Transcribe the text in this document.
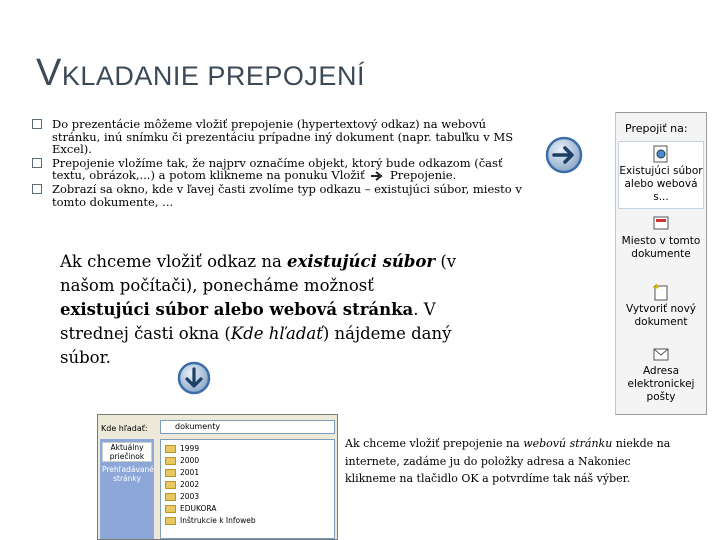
VKLADANIE PREPOJENÍ
Do prezentácie môžeme vložiť prepojenie (hypertextový odkaz) na webovú stránku, inú snímku či prezentáciu prípadne iný dokument (napr. tabuľku v MS Excel).
Prepojenie vložíme tak, že najprv označíme objekt, ktorý bude odkazom (časť textu, obrázok,...) a potom klikneme na ponuku Vložiť Prepojenie.
Zobrazí sa okno, kde v ľavej časti zvolíme typ odkazu – existujúci súbor, miesto v tomto dokumente, ...
Ak chceme vložiť odkaz na existujúci súbor (v našom počítači), ponecháme možnosť existujúci súbor alebo webová stránka. V strednej časti okna (Kde hľadať) nájdeme daný súbor.
Prepojiť na:
Existujúci súbor alebo webová s...
Miesto v tomto dokumente
Vytvoriť nový dokument
Adresa elektronickej pošty
Kde hľadať:	dokumenty
Aktuálny priečinok
Prehľadávané stránky
1999
2000
2001
2002
2003
EDUKORA
Inštrukcie k Infoweb
Ak chceme vložiť prepojenie na webovú stránku niekde na internete, zadáme ju do položky adresa a Nakoniec klikneme na tlačidlo OK a potvrdíme tak náš výber.
